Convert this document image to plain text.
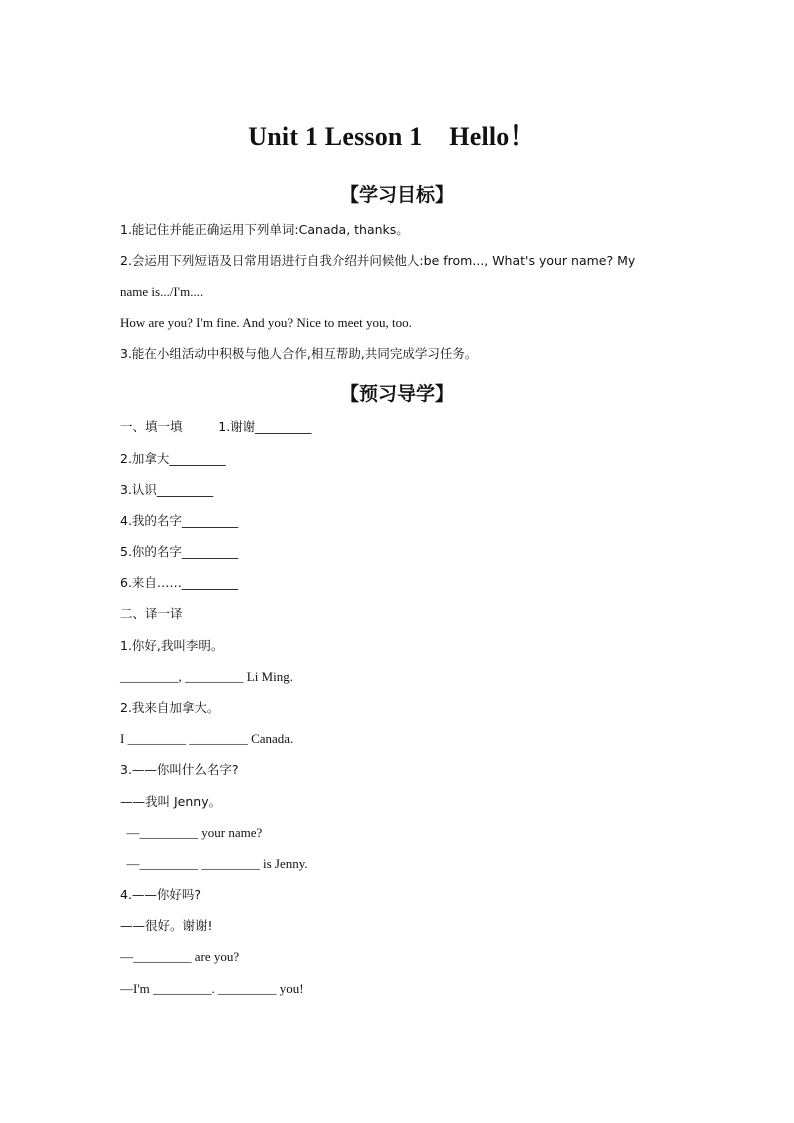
Unit 1 Lesson 1    Hello！
【学习目标】
1.能记住并能正确运用下列单词:Canada, thanks。
2.会运用下列短语及日常用语进行自我介绍并问候他人:be from..., What's your name? My
name is.../I'm....
How are you? I'm fine. And you? Nice to meet you, too.
3.能在小组活动中积极与他人合作,相互帮助,共同完成学习任务。
【预习导学】
一、填一填         1.谢谢_________
2.加拿大_________
3.认识_________
4.我的名字_________
5.你的名字_________
6.来自……_________
二、译一译
1.你好,我叫李明。
_________, _________ Li Ming.
2.我来自加拿大。
I _________ _________ Canada.
3.——你叫什么名字?
——我叫 Jenny。
—_________ your name?
—_________ _________ is Jenny.
4.——你好吗?
——很好。谢谢!
—_________ are you?
—I'm _________. _________ you!
